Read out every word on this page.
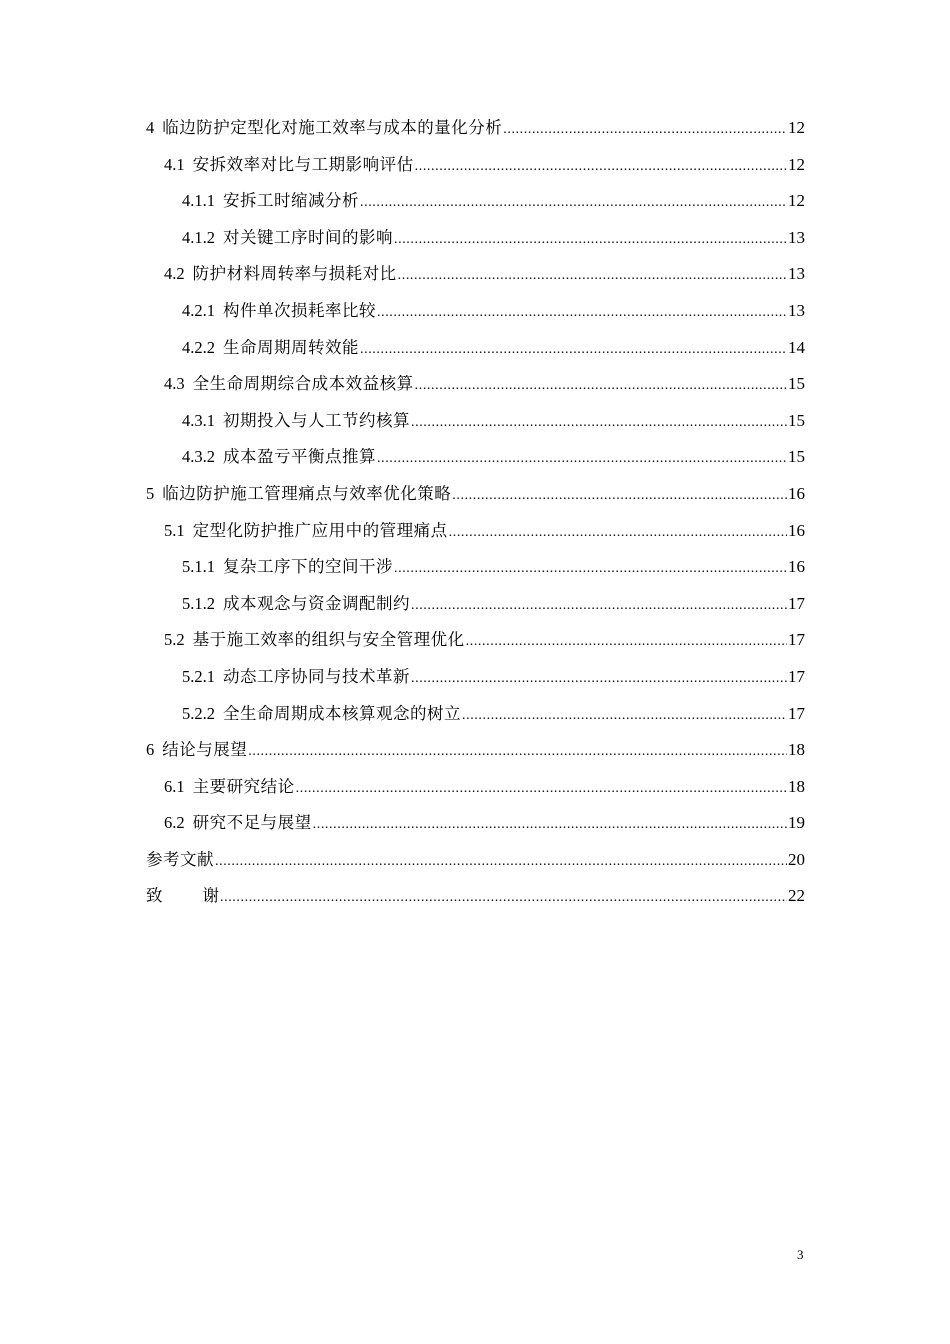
4 临边防护定型化对施工效率与成本的量化分析 .....	12
4.1 安拆效率对比与工期影响评估 .....	12
4.1.1 安拆工时缩减分析 .....	12
4.1.2 对关键工序时间的影响 .....	13
4.2 防护材料周转率与损耗对比 .....	13
4.2.1 构件单次损耗率比较 .....	13
4.2.2 生命周期周转效能 .....	14
4.3 全生命周期综合成本效益核算 .....	15
4.3.1 初期投入与人工节约核算 .....	15
4.3.2 成本盈亏平衡点推算 .....	15
5 临边防护施工管理痛点与效率优化策略 .....	16
5.1 定型化防护推广应用中的管理痛点 .....	16
5.1.1 复杂工序下的空间干涉 .....	16
5.1.2 成本观念与资金调配制约 .....	17
5.2 基于施工效率的组织与安全管理优化 .....	17
5.2.1 动态工序协同与技术革新 .....	17
5.2.2 全生命周期成本核算观念的树立 .....	17
6 结论与展望 .....	18
6.1 主要研究结论 .....	18
6.2 研究不足与展望 .....	19
参考文献 .....	20
致 谢 .....	22
3
